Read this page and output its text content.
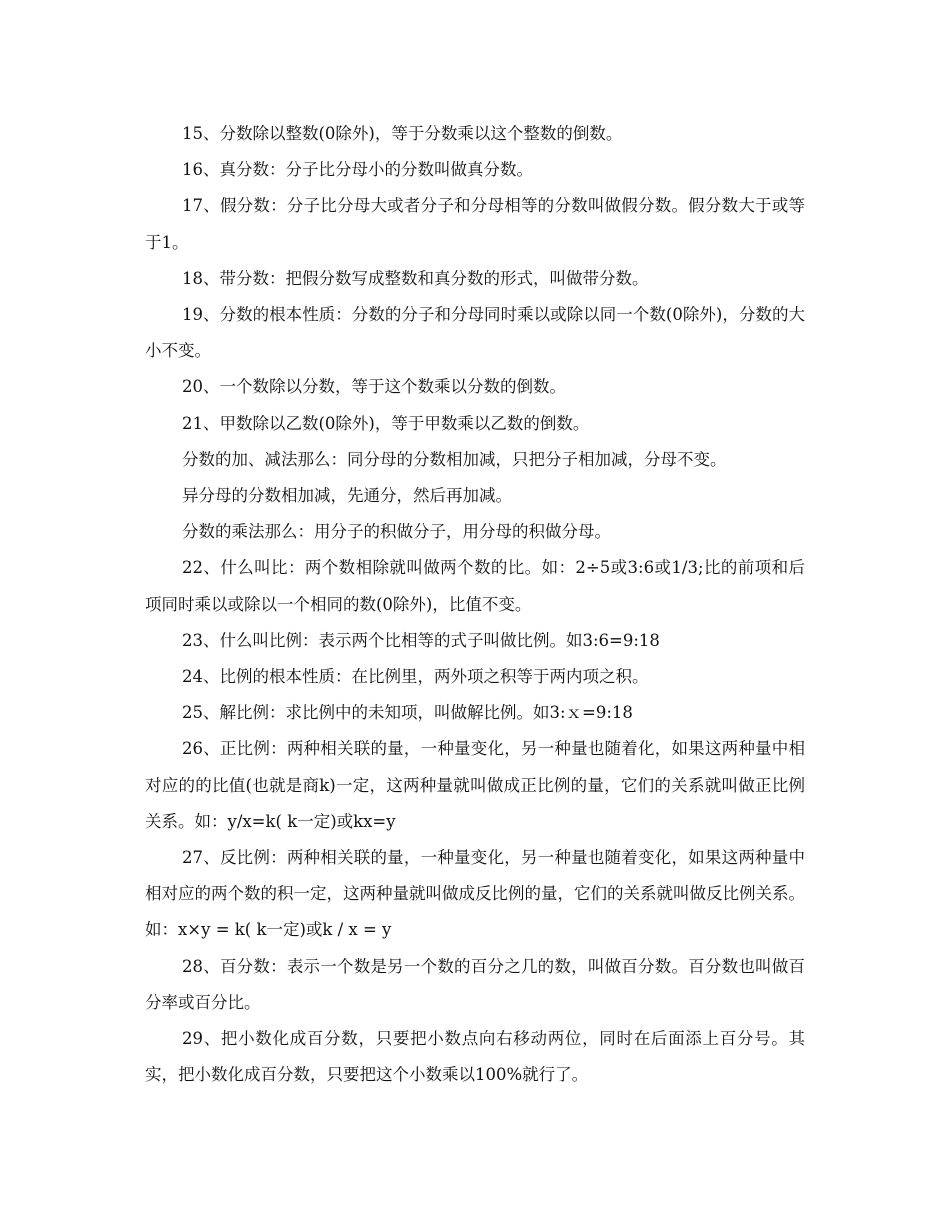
15、分数除以整数(0除外)，等于分数乘以这个整数的倒数。

16、真分数：分子比分母小的分数叫做真分数。

17、假分数：分子比分母大或者分子和分母相等的分数叫做假分数。假分数大于或等于1。

18、带分数：把假分数写成整数和真分数的形式，叫做带分数。

19、分数的根本性质：分数的分子和分母同时乘以或除以同一个数(0除外)，分数的大小不变。

20、一个数除以分数，等于这个数乘以分数的倒数。

21、甲数除以乙数(0除外)，等于甲数乘以乙数的倒数。

分数的加、减法那么：同分母的分数相加减，只把分子相加减，分母不变。

异分母的分数相加减，先通分，然后再加减。

分数的乘法那么：用分子的积做分子，用分母的积做分母。

22、什么叫比：两个数相除就叫做两个数的比。如：2÷5或3:6或1/3;比的前项和后项同时乘以或除以一个相同的数(0除外)，比值不变。

23、什么叫比例：表示两个比相等的式子叫做比例。如3:6=9:18

24、比例的根本性质：在比例里，两外项之积等于两内项之积。

25、解比例：求比例中的未知项，叫做解比例。如3:ｘ=9:18

26、正比例：两种相关联的量，一种量变化，另一种量也随着化，如果这两种量中相对应的的比值(也就是商k)一定，这两种量就叫做成正比例的量，它们的关系就叫做正比例关系。如：y/x=k( k一定)或kx=y

27、反比例：两种相关联的量，一种量变化，另一种量也随着变化，如果这两种量中相对应的两个数的积一定，这两种量就叫做成反比例的量，它们的关系就叫做反比例关系。 如：x×y = k( k一定)或k / x = y

28、百分数：表示一个数是另一个数的百分之几的数，叫做百分数。百分数也叫做百分率或百分比。

29、把小数化成百分数，只要把小数点向右移动两位，同时在后面添上百分号。其实，把小数化成百分数，只要把这个小数乘以100%就行了。
